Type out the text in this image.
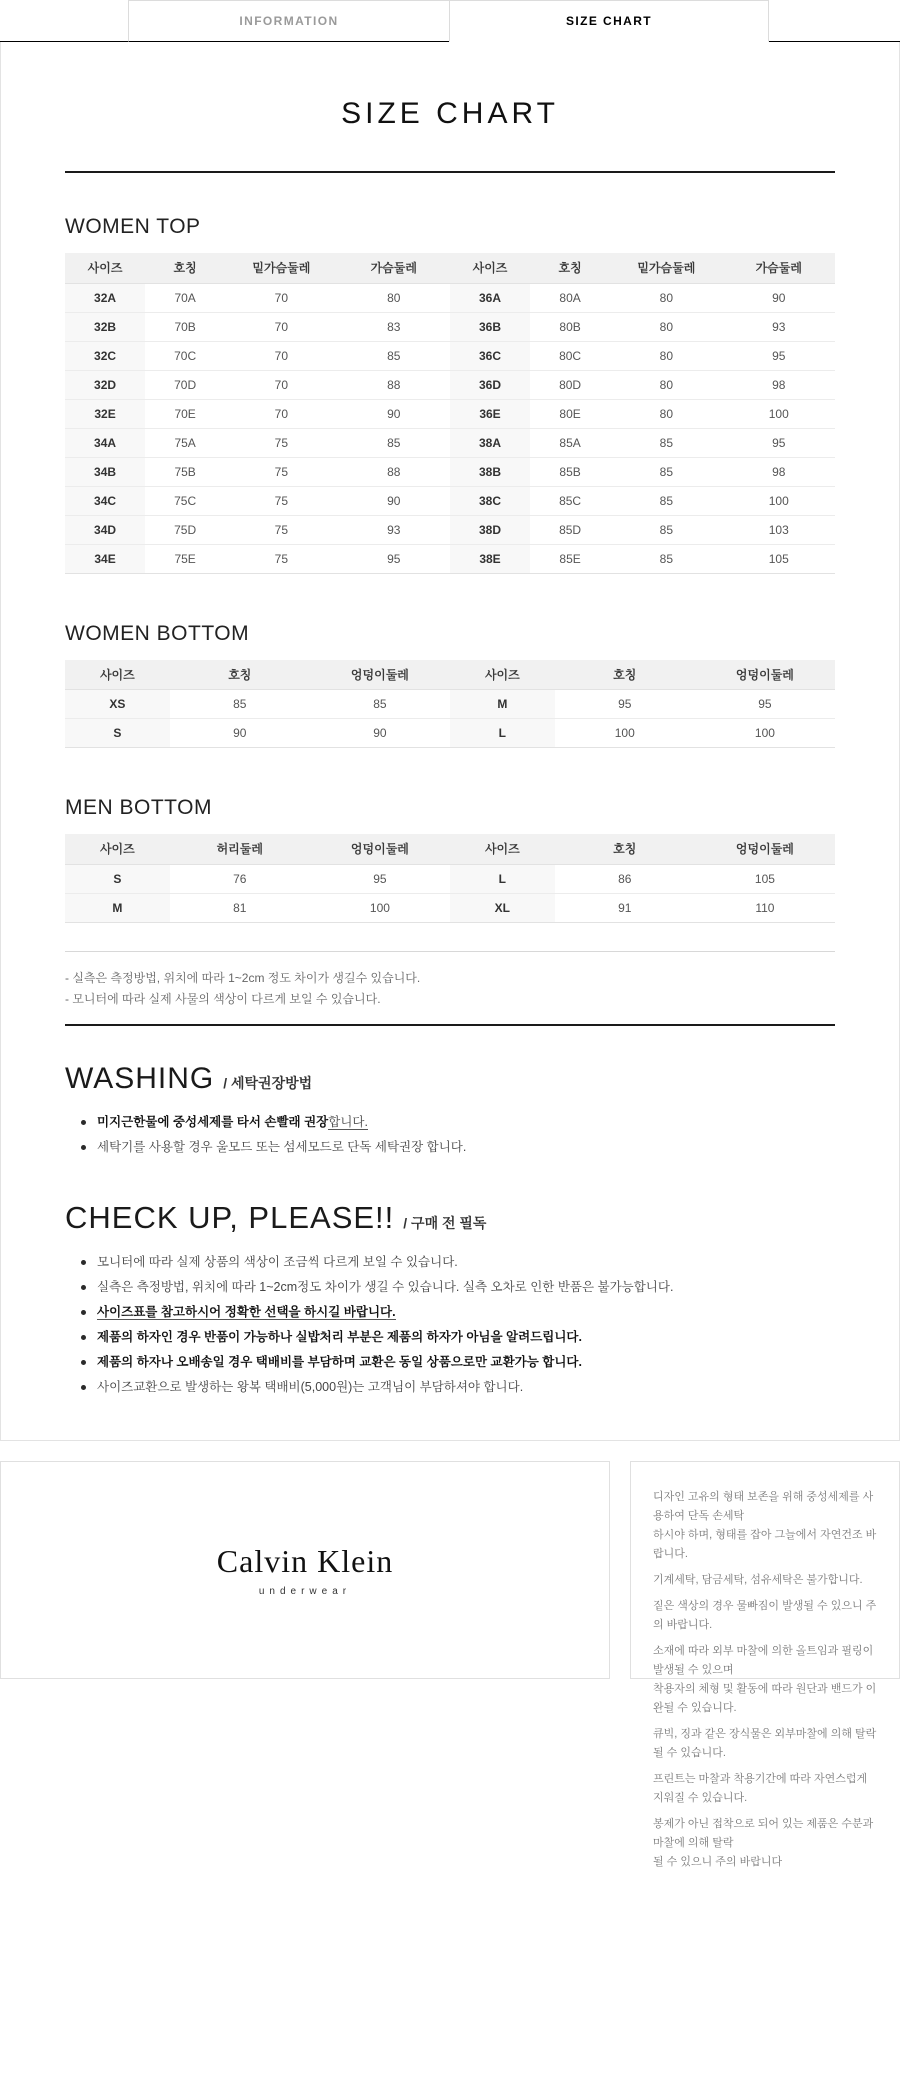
INFORMATION	SIZE CHART
SIZE CHART
WOMEN TOP
사이즈	호칭	밑가슴둘레	가슴둘레	사이즈	호칭	밑가슴둘레	가슴둘레
32A	70A	70	80	36A	80A	80	90
32B	70B	70	83	36B	80B	80	93
32C	70C	70	85	36C	80C	80	95
32D	70D	70	88	36D	80D	80	98
32E	70E	70	90	36E	80E	80	100
34A	75A	75	85	38A	85A	85	95
34B	75B	75	88	38B	85B	85	98
34C	75C	75	90	38C	85C	85	100
34D	75D	75	93	38D	85D	85	103
34E	75E	75	95	38E	85E	85	105
WOMEN BOTTOM
사이즈	호칭	엉덩이둘레	사이즈	호칭	엉덩이둘레
XS	85	85	M	95	95
S	90	90	L	100	100
MEN BOTTOM
사이즈	허리둘레	엉덩이둘레	사이즈	호칭	엉덩이둘레
S	76	95	L	86	105
M	81	100	XL	91	110
- 실측은 측정방법, 위치에 따라 1~2cm 정도 차이가 생길수 있습니다.
- 모니터에 따라 실제 사물의 색상이 다르게 보일 수 있습니다.
WASHING / 세탁권장방법
미지근한물에 중성세제를 타서 손빨래 권장합니다.
세탁기를 사용할 경우 울모드 또는 섬세모드로 단독 세탁권장 합니다.
CHECK UP, PLEASE!! / 구매 전 필독
모니터에 따라 실제 상품의 색상이 조금씩 다르게 보일 수 있습니다.
실측은 측정방법, 위치에 따라 1~2cm정도 차이가 생길 수 있습니다. 실측 오차로 인한 반품은 불가능합니다.
사이즈표를 참고하시어 정확한 선택을 하시길 바랍니다.
제품의 하자인 경우 반품이 가능하나 실밥처리 부분은 제품의 하자가 아님을 알려드립니다.
제품의 하자나 오배송일 경우 택배비를 부담하며 교환은 동일 상품으로만 교환가능 합니다.
사이즈교환으로 발생하는 왕복 택배비(5,000원)는 고객님이 부담하셔야 합니다.
Calvin Klein
underwear

디자인 고유의 형태 보존을 위해 중성세제를 사용하여 단독 손세탁

하시야 하며, 형태를 잡아 그늘에서 자연건조 바랍니다.

기계세탁, 담금세탁, 섬유세탁은 불가합니다.

짙은 색상의 경우 물빠짐이 발생될 수 있으니 주의 바랍니다.

소재에 따라 외부 마찰에 의한 올트임과 필링이 발생될 수 있으며

착용자의 체형 및 활동에 따라 원단과 밴드가 이완될 수 있습니다.

큐빅, 징과 같은 장식물은 외부마찰에 의해 탈락 될 수 있습니다.

프린트는 마찰과 착용기간에 따라 자연스럽게 지워질 수 있습니다.

봉제가 아닌 접착으로 되어 있는 제품은 수분과 마찰에 의해 탈락

될 수 있으니 주의 바랍니다
